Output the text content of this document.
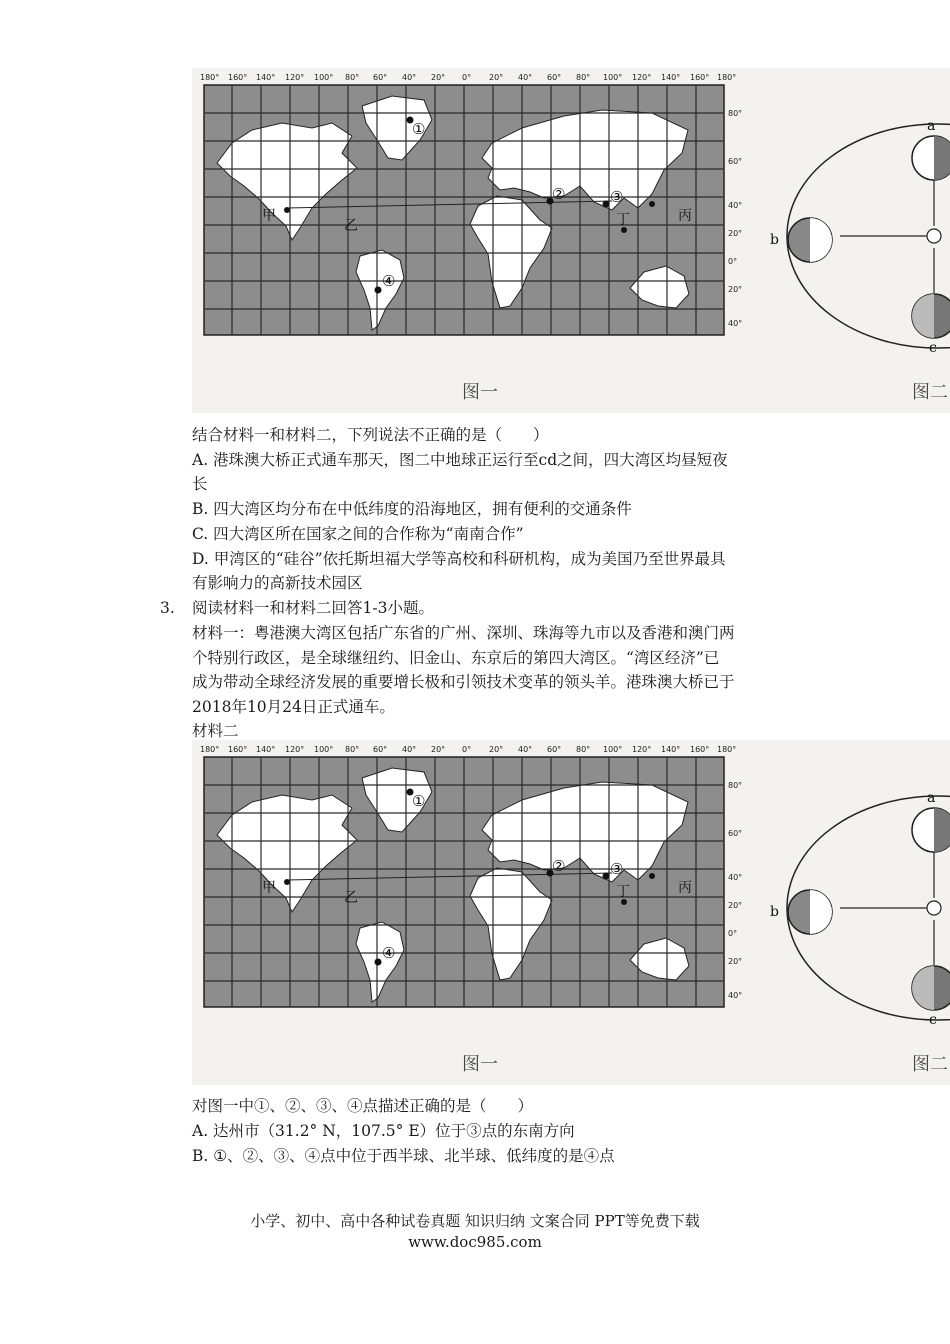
180° 160° 140° 120° 100° 80° 60° 40° 20° 0° 20° 40° 60° 80° 100° 120° 140° 160° 180°
80°
60°
40°
20°
0°
20°
40°
①
②	③
④
甲
乙
丙
丁
a
b
c
图一	图二
结合材料一和材料二，下列说法不正确的是（　　）
A. 港珠澳大桥正式通车那天，图二中地球正运行至cd之间，四大湾区均昼短夜
长
B. 四大湾区均分布在中低纬度的沿海地区，拥有便利的交通条件
C. 四大湾区所在国家之间的合作称为“南南合作”
D. 甲湾区的“硅谷”依托斯坦福大学等高校和科研机构，成为美国乃至世界最具
有影响力的高新技术园区
3. 阅读材料一和材料二回答1-3小题。
材料一：粤港澳大湾区包括广东省的广州、深圳、珠海等九市以及香港和澳门两
个特别行政区，是全球继纽约、旧金山、东京后的第四大湾区。“湾区经济”已
成为带动全球经济发展的重要增长极和引领技术变革的领头羊。港珠澳大桥已于
2018年10月24日正式通车。
材料二
180° 160° 140° 120° 100° 80° 60° 40° 20° 0° 20° 40° 60° 80° 100° 120° 140° 160° 180°
80°
60°
40°
20°
0°
20°
40°
①
②	③
④
甲
乙
丙
丁
a
b
c
图一	图二
对图一中①、②、③、④点描述正确的是（　　）
A. 达州市（31.2° N，107.5° E）位于③点的东南方向
B. ①、②、③、④点中位于西半球、北半球、低纬度的是④点
小学、初中、高中各种试卷真题 知识归纳 文案合同 PPT等免费下载
www.doc985.com
